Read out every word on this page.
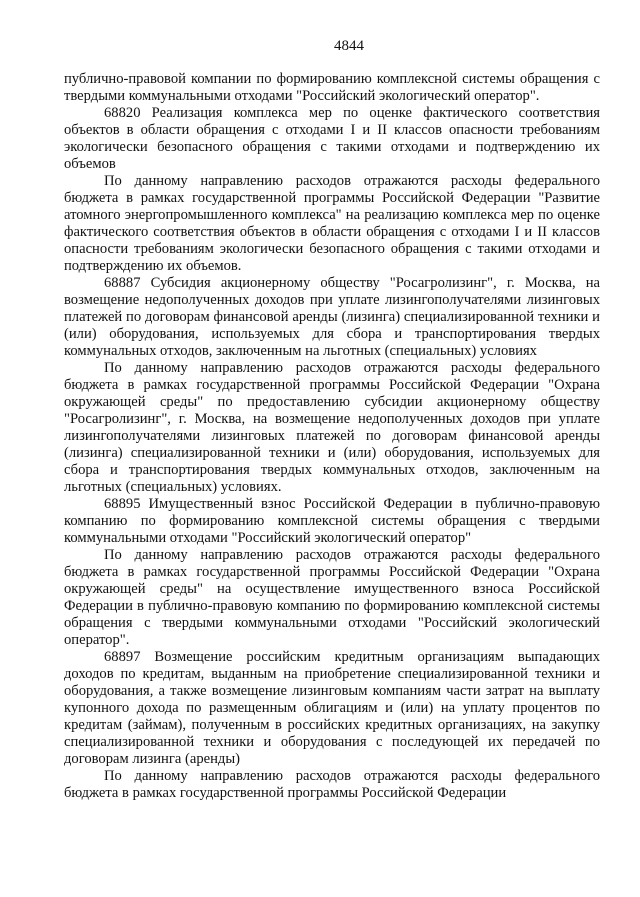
4844

публично-правовой компании по формированию комплексной системы обращения с твердыми коммунальными отходами "Российский экологический оператор".

68820 Реализация комплекса мер по оценке фактического соответствия объектов в области обращения с отходами I и II классов опасности требованиям экологически безопасного обращения с такими отходами и подтверждению их объемов

По данному направлению расходов отражаются расходы федерального бюджета в рамках государственной программы Российской Федерации "Развитие атомного энергопромышленного комплекса" на реализацию комплекса мер по оценке фактического соответствия объектов в области обращения с отходами I и II классов опасности требованиям экологически безопасного обращения с такими отходами и подтверждению их объемов.

68887 Субсидия акционерному обществу "Росагролизинг", г. Москва, на возмещение недополученных доходов при уплате лизингополучателями лизинговых платежей по договорам финансовой аренды (лизинга) специализированной техники и (или) оборудования, используемых для сбора и транспортирования твердых коммунальных отходов, заключенным на льготных (специальных) условиях

По данному направлению расходов отражаются расходы федерального бюджета в рамках государственной программы Российской Федерации "Охрана окружающей среды" по предоставлению субсидии акционерному обществу "Росагролизинг", г. Москва, на возмещение недополученных доходов при уплате лизингополучателями лизинговых платежей по договорам финансовой аренды (лизинга) специализированной техники и (или) оборудования, используемых для сбора и транспортирования твердых коммунальных отходов, заключенным на льготных (специальных) условиях.

68895 Имущественный взнос Российской Федерации в публично-правовую компанию по формированию комплексной системы обращения с твердыми коммунальными отходами "Российский экологический оператор"

По данному направлению расходов отражаются расходы федерального бюджета в рамках государственной программы Российской Федерации "Охрана окружающей среды" на осуществление имущественного взноса Российской Федерации в публично-правовую компанию по формированию комплексной системы обращения с твердыми коммунальными отходами "Российский экологический оператор".

68897 Возмещение российским кредитным организациям выпадающих доходов по кредитам, выданным на приобретение специализированной техники и оборудования, а также возмещение лизинговым компаниям части затрат на выплату купонного дохода по размещенным облигациям и (или) на уплату процентов по кредитам (займам), полученным в российских кредитных организациях, на закупку специализированной техники и оборудования с последующей их передачей по договорам лизинга (аренды)

По данному направлению расходов отражаются расходы федерального бюджета в рамках государственной программы Российской Федерации
